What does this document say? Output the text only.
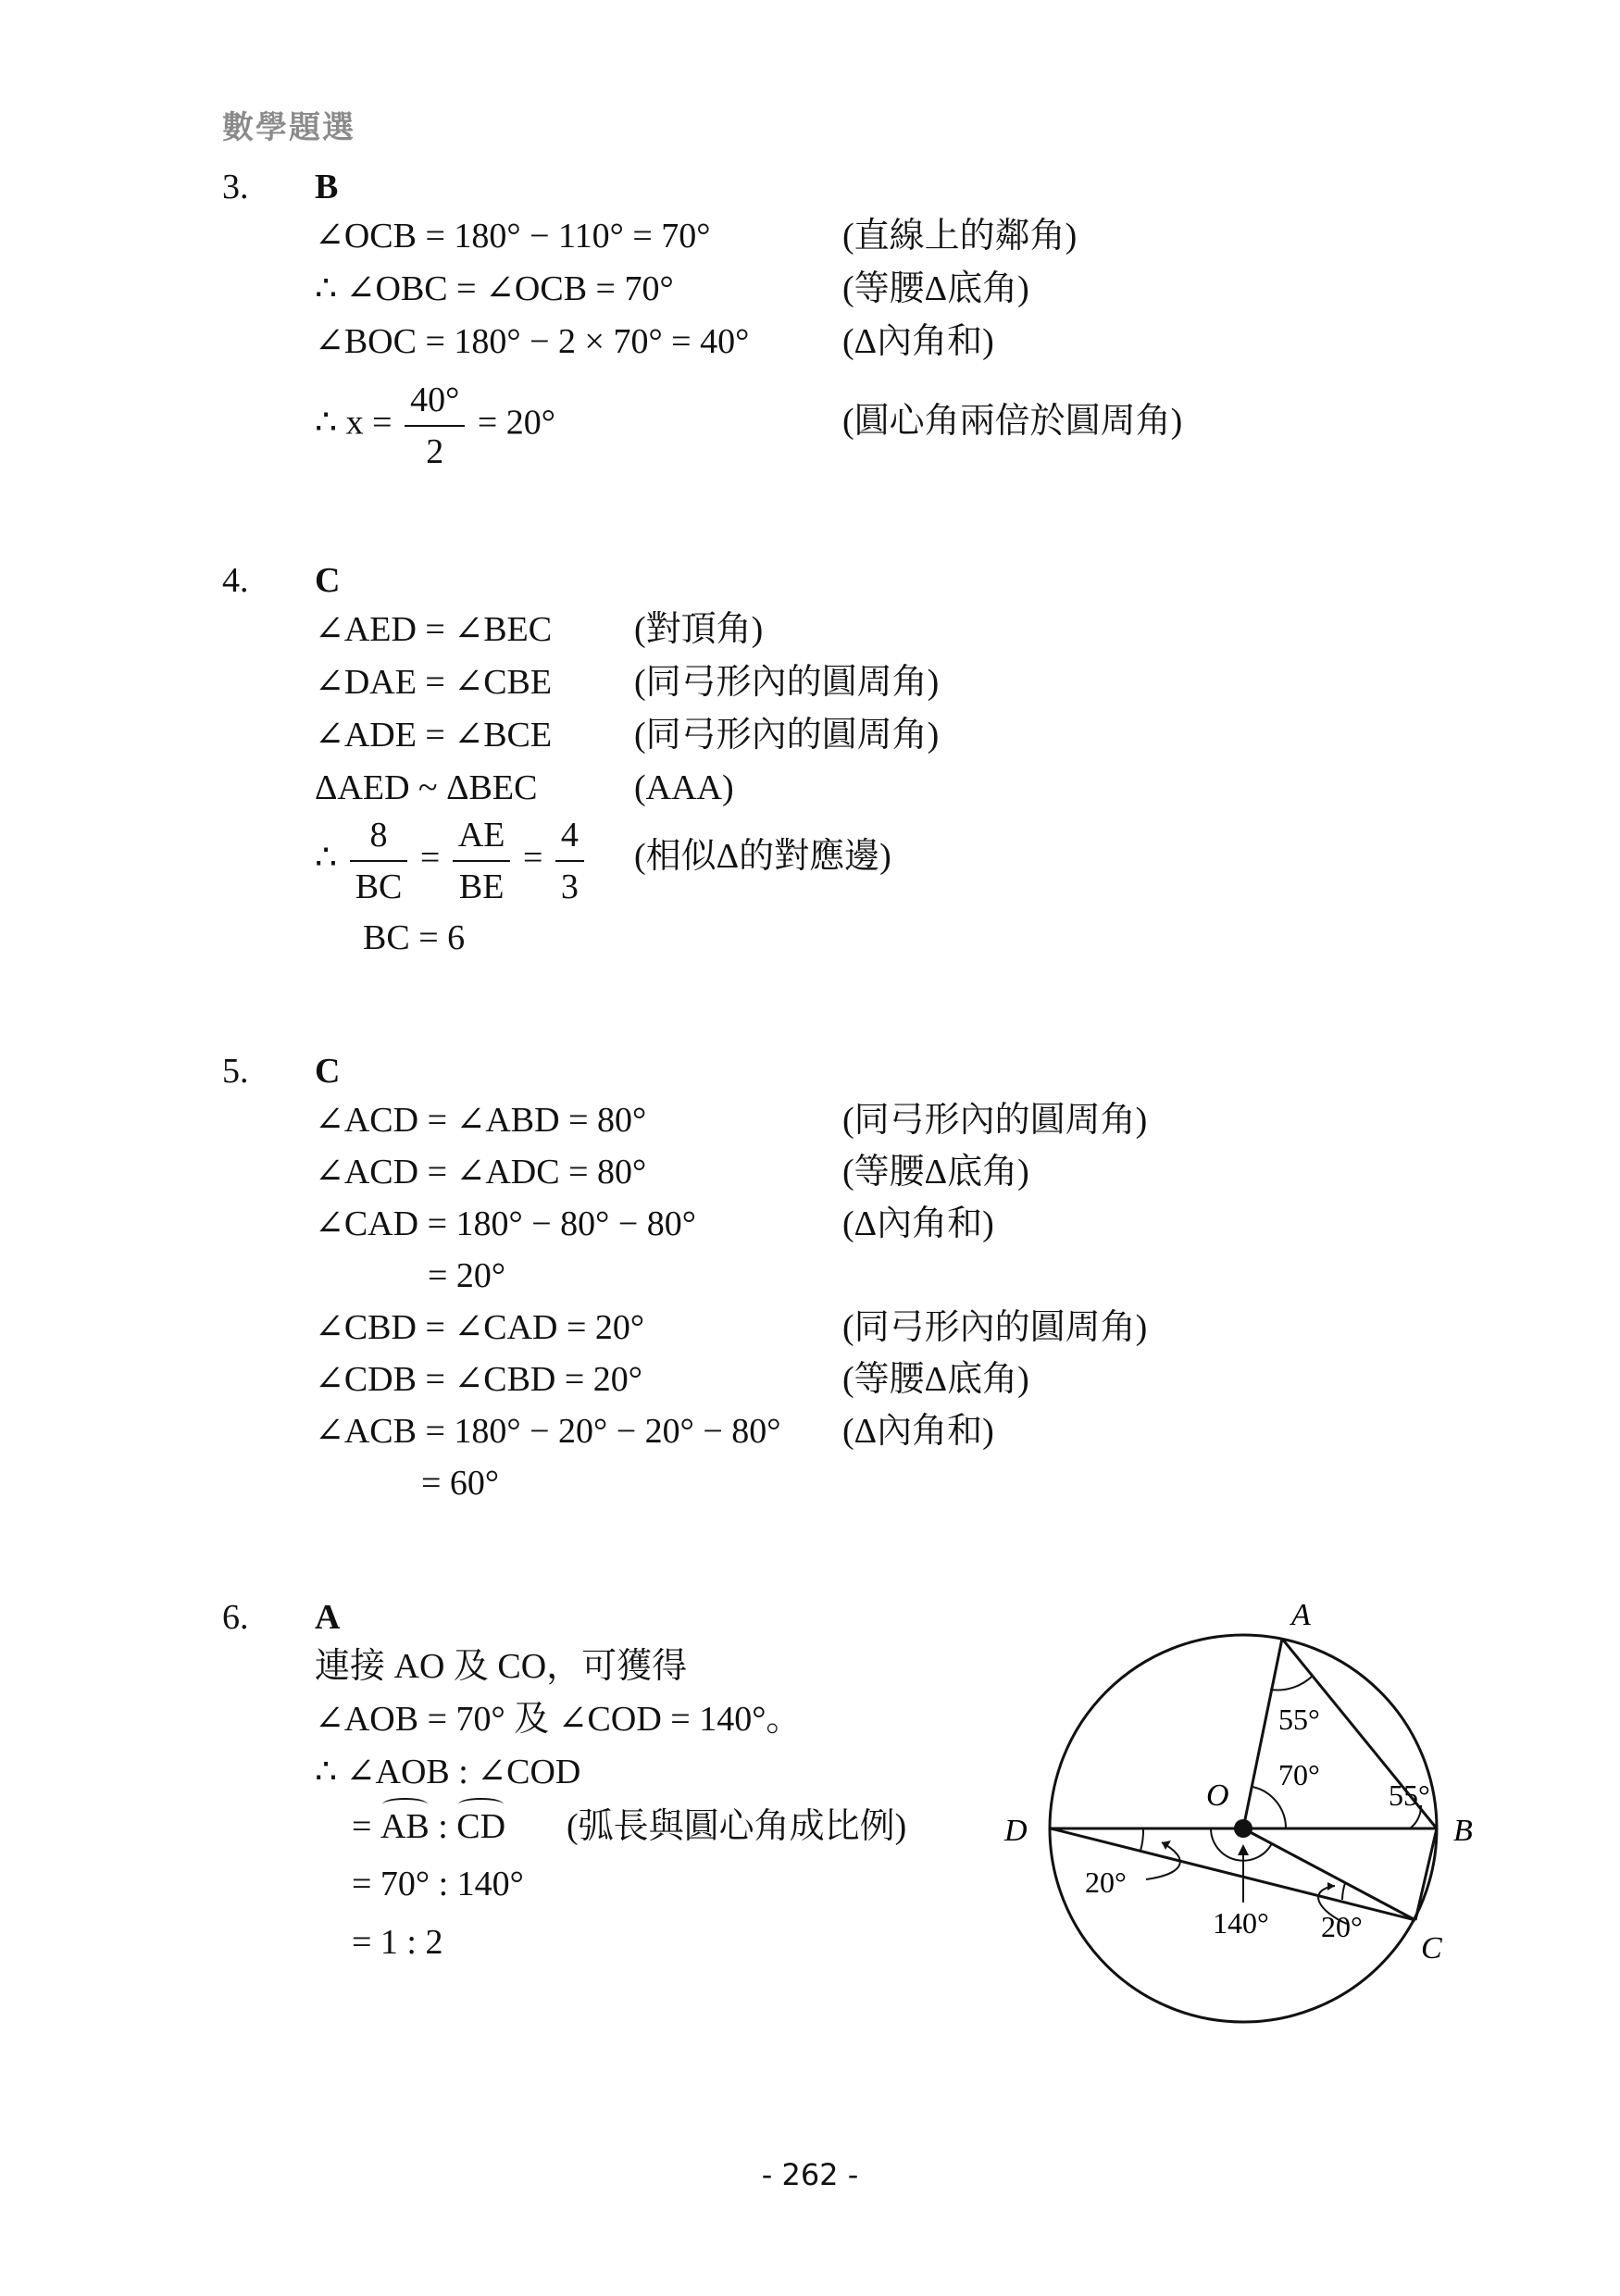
數學題選
3. B
∠OCB = 180° − 110° = 70°	(直線上的鄰角)
∴ ∠OBC = ∠OCB = 70°	(等腰Δ底角)
∠BOC = 180° − 2 × 70° = 40°	(Δ內角和)
∴ $x = \frac{40^\circ}{2} = 20^\circ$	(圓心角兩倍於圓周角)
4. C
∠AED = ∠BEC (對頂角)
∠DAE = ∠CBE (同弓形內的圓周角)
∠ADE = ∠BCE (同弓形內的圓周角)
ΔAED ~ ΔBEC	(AAA)
∴ $\frac{8}{BC} = \frac{AE}{BE} = \frac{4}{3}$ (相似Δ的對應邊)
BC = 6
5. C
∠ACD = ∠ABD = 80°	(同弓形內的圓周角)
∠ACD = ∠ADC = 80°	(等腰Δ底角)
∠CAD = 180° − 80° − 80°	(Δ內角和)
= 20°
∠CBD = ∠CAD = 20°	(同弓形內的圓周角)
∠CDB = ∠CBD = 20°	(等腰Δ底角)
∠ACB = 180° − 20° − 20° − 80° (Δ內角和)
= 60°
6. A
連接 AO 及 CO，可獲得
∠AOB = 70° 及 ∠COD = 140°。
∴ ∠AOB : ∠COD
= AB : CD (弧長與圓心角成比例)
= 70° : 140°
= 1 : 2
A
B
C
D
O
55°
55°
70°
20°
140° 20°
- 262 -
